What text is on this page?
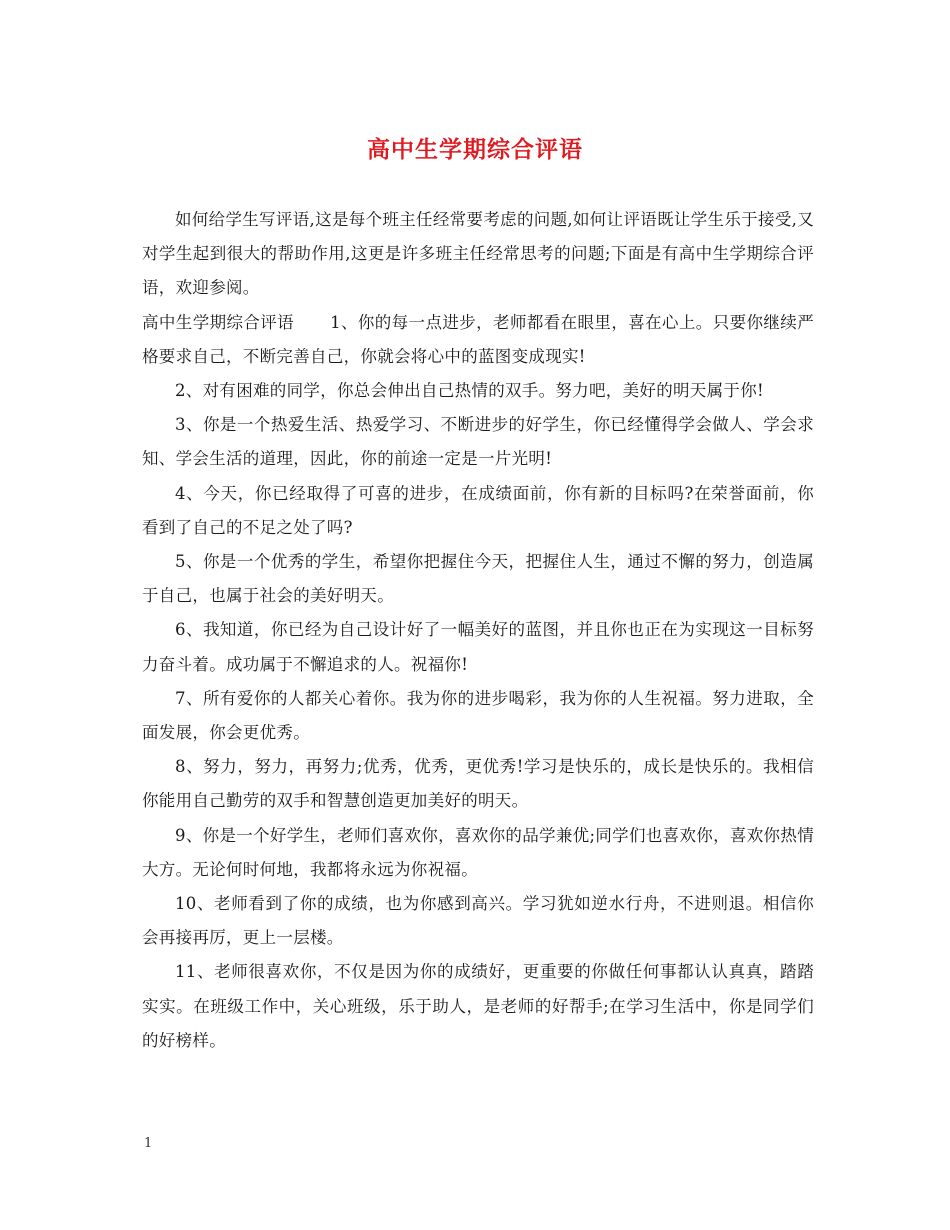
高中生学期综合评语

如何给学生写评语,这是每个班主任经常要考虑的问题,如何让评语既让学生乐于接受,又对学生起到很大的帮助作用,这更是许多班主任经常思考的问题;下面是有高中生学期综合评语，欢迎参阅。

高中生学期综合评语 1、你的每一点进步，老师都看在眼里，喜在心上。只要你继续严格要求自己，不断完善自己，你就会将心中的蓝图变成现实!

2、对有困难的同学，你总会伸出自己热情的双手。努力吧，美好的明天属于你!

3、你是一个热爱生活、热爱学习、不断进步的好学生，你已经懂得学会做人、学会求知、学会生活的道理，因此，你的前途一定是一片光明!

4、今天，你已经取得了可喜的进步，在成绩面前，你有新的目标吗?在荣誉面前，你看到了自己的不足之处了吗?

5、你是一个优秀的学生，希望你把握住今天，把握住人生，通过不懈的努力，创造属于自己，也属于社会的美好明天。

6、我知道，你已经为自己设计好了一幅美好的蓝图，并且你也正在为实现这一目标努力奋斗着。成功属于不懈追求的人。祝福你!

7、所有爱你的人都关心着你。我为你的进步喝彩，我为你的人生祝福。努力进取，全面发展，你会更优秀。

8、努力，努力，再努力;优秀，优秀，更优秀!学习是快乐的，成长是快乐的。我相信你能用自己勤劳的双手和智慧创造更加美好的明天。

9、你是一个好学生，老师们喜欢你，喜欢你的品学兼优;同学们也喜欢你，喜欢你热情大方。无论何时何地，我都将永远为你祝福。

10、老师看到了你的成绩，也为你感到高兴。学习犹如逆水行舟，不进则退。相信你会再接再厉，更上一层楼。

11、老师很喜欢你，不仅是因为你的成绩好，更重要的你做任何事都认认真真，踏踏实实。在班级工作中，关心班级，乐于助人，是老师的好帮手;在学习生活中，你是同学们的好榜样。

1
